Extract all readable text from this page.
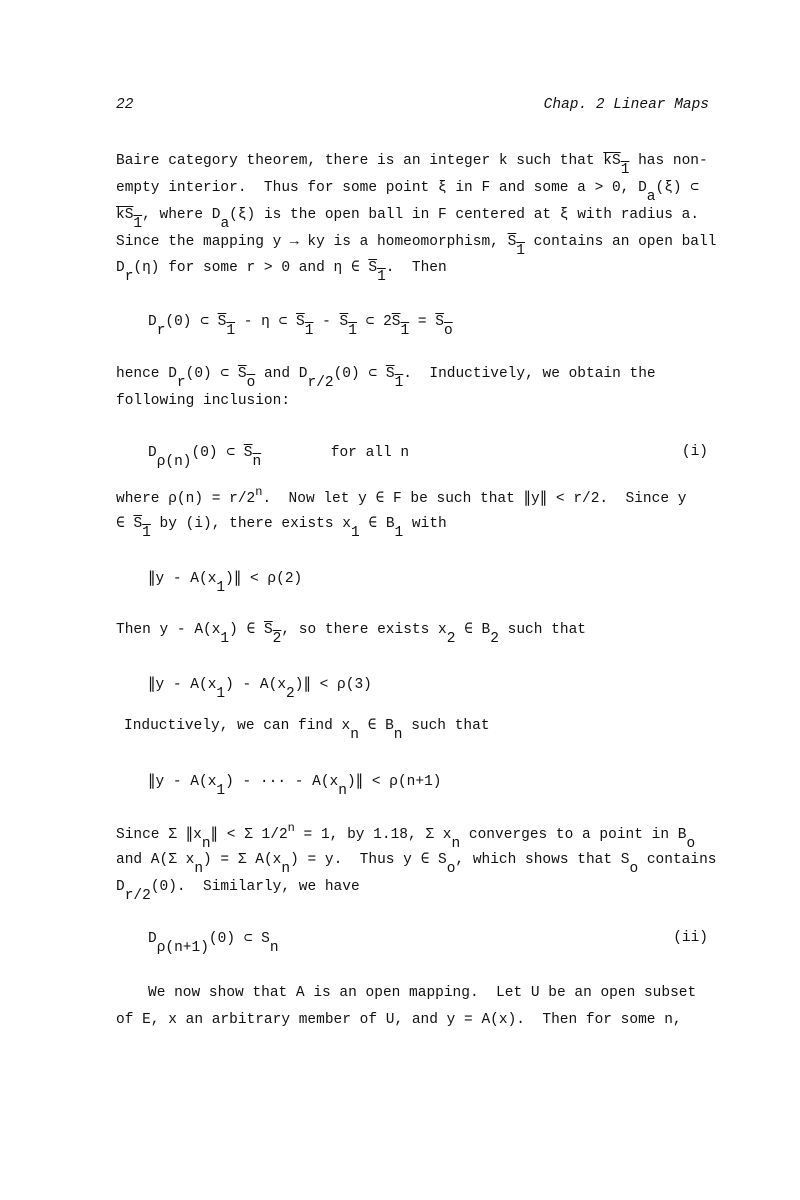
22	Chap. 2 Linear Maps
Baire category theorem, there is an integer k such that kS1 has non-
empty interior.  Thus for some point ξ in F and some a > 0, Da(ξ) ⊂
kS1, where Da(ξ) is the open ball in F centered at ξ with radius a.
Since the mapping y → ky is a homeomorphism, S1 contains an open ball
Dr(η) for some r > 0 and η ∈ S1.  Then
Dr(0) ⊂ S1 - η ⊂ S1 - S1 ⊂ 2S1 = So
hence Dr(0) ⊂ So and Dr/2(0) ⊂ S1.  Inductively, we obtain the
following inclusion:
Dρ(n)(0) ⊂ Sn        for all n	(i)
where $\rho(n) = r/2^n$.  Now let y ∈ F be such that ‖y‖ < r/2.  Since y
∈ S1 by (i), there exists x1 ∈ B1 with
‖y - A(x1)‖ < ρ(2)
Then y - A(x1) ∈ S2, so there exists x2 ∈ B2 such that
‖y - A(x1) - A(x2)‖ < ρ(3)
Inductively, we can find xn ∈ Bn such that
‖y - A(x1) - ··· - A(xn)‖ < ρ(n+1)
Since Σ ‖xn‖ < Σ $1/2^n = 1$, by 1.18, Σ xn converges to a point in Bo
and A(Σ xn) = Σ A(xn) = y.  Thus y ∈ So, which shows that So contains
Dr/2(0).  Similarly, we have
Dρ(n+1)(0) ⊂ Sn
(ii)
We now show that A is an open mapping.  Let U be an open subset
of E, x an arbitrary member of U, and y = A(x).  Then for some n,
